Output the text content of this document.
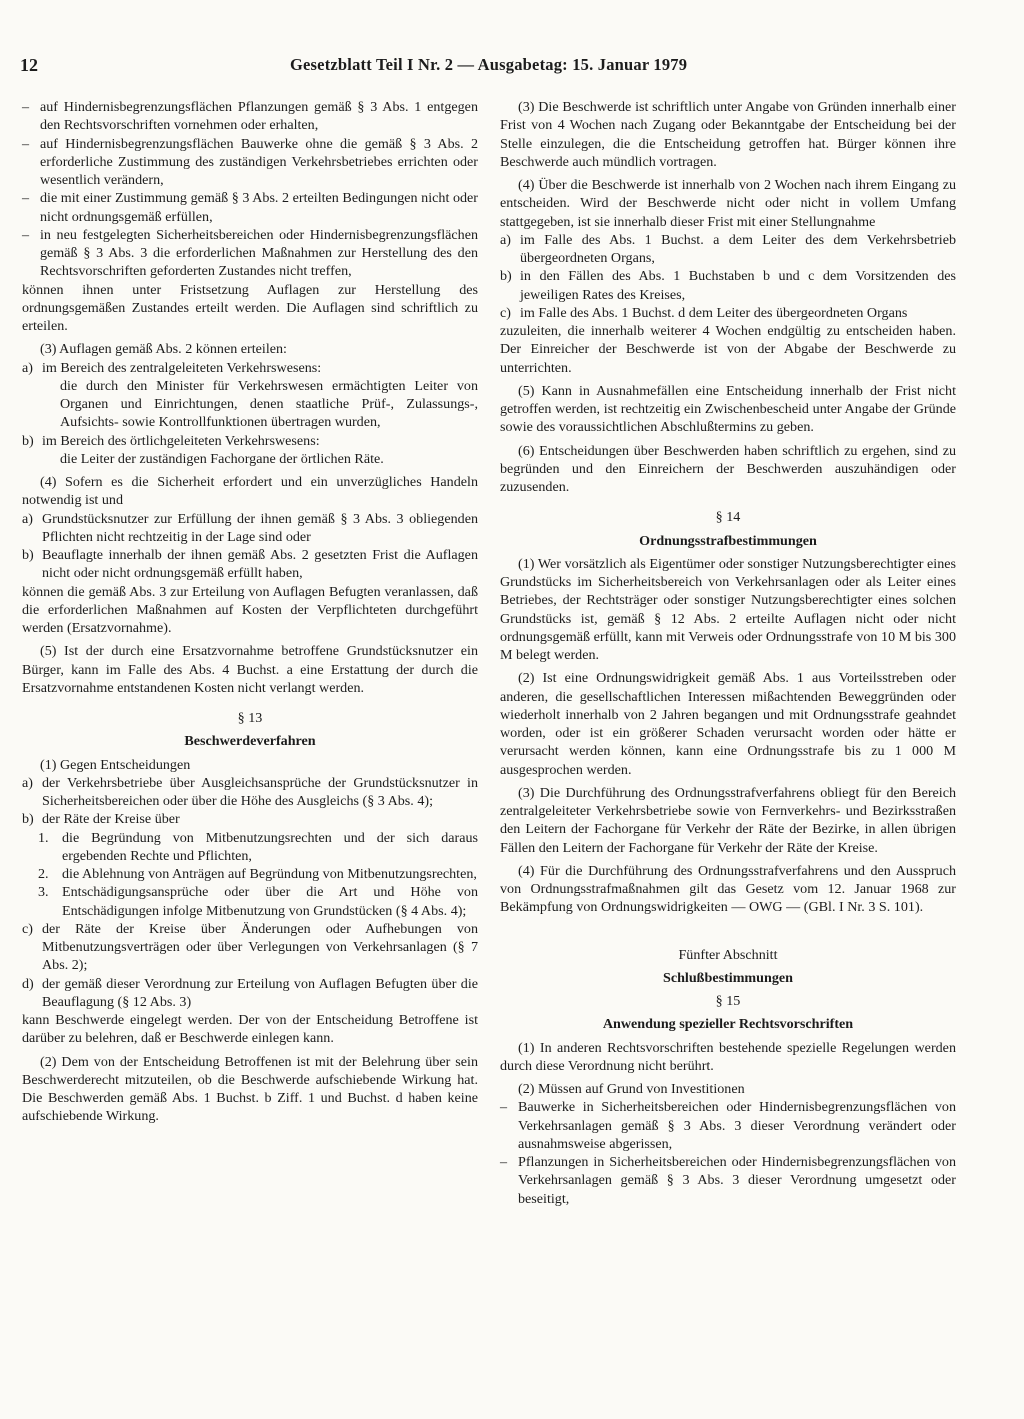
12	Gesetzblatt Teil I Nr. 2 — Ausgabetag: 15. Januar 1979
– auf Hindernisbegrenzungsflächen Pflanzungen gemäß § 3 Abs. 1 entgegen den Rechtsvorschriften vornehmen oder erhalten,
– auf Hindernisbegrenzungsflächen Bauwerke ohne die gemäß § 3 Abs. 2 erforderliche Zustimmung des zuständigen Verkehrsbetriebes errichten oder wesentlich verändern,
– die mit einer Zustimmung gemäß § 3 Abs. 2 erteilten Bedingungen nicht oder nicht ordnungsgemäß erfüllen,
– in neu festgelegten Sicherheitsbereichen oder Hindernisbegrenzungsflächen gemäß § 3 Abs. 3 die erforderlichen Maßnahmen zur Herstellung des den Rechtsvorschriften geforderten Zustandes nicht treffen,

können ihnen unter Fristsetzung Auflagen zur Herstellung des ordnungsgemäßen Zustandes erteilt werden. Die Auflagen sind schriftlich zu erteilen.

(3) Auflagen gemäß Abs. 2 können erteilen:

a) im Bereich des zentralgeleiteten Verkehrswesens:

die durch den Minister für Verkehrswesen ermächtigten Leiter von Organen und Einrichtungen, denen staatliche Prüf-, Zulassungs-, Aufsichts- sowie Kontrollfunktionen übertragen wurden,

b) im Bereich des örtlichgeleiteten Verkehrswesens:

die Leiter der zuständigen Fachorgane der örtlichen Räte.

(4) Sofern es die Sicherheit erfordert und ein unverzügliches Handeln notwendig ist und

a) Grundstücksnutzer zur Erfüllung der ihnen gemäß § 3 Abs. 3 obliegenden Pflichten nicht rechtzeitig in der Lage sind oder
b) Beauflagte innerhalb der ihnen gemäß Abs. 2 gesetzten Frist die Auflagen nicht oder nicht ordnungsgemäß erfüllt haben,

können die gemäß Abs. 3 zur Erteilung von Auflagen Befugten veranlassen, daß die erforderlichen Maßnahmen auf Kosten der Verpflichteten durchgeführt werden (Ersatzvornahme).

(5) Ist der durch eine Ersatzvornahme betroffene Grundstücksnutzer ein Bürger, kann im Falle des Abs. 4 Buchst. a eine Erstattung der durch die Ersatzvornahme entstandenen Kosten nicht verlangt werden.

§ 13

Beschwerdeverfahren

(1) Gegen Entscheidungen

a) der Verkehrsbetriebe über Ausgleichsansprüche der Grundstücksnutzer in Sicherheitsbereichen oder über die Höhe des Ausgleichs (§ 3 Abs. 4);
b) der Räte der Kreise über
1. die Begründung von Mitbenutzungsrechten und der sich daraus ergebenden Rechte und Pflichten,
2. die Ablehnung von Anträgen auf Begründung von Mitbenutzungsrechten,
3. Entschädigungsansprüche oder über die Art und Höhe von Entschädigungen infolge Mitbenutzung von Grundstücken (§ 4 Abs. 4);
c) der Räte der Kreise über Änderungen oder Aufhebungen von Mitbenutzungsverträgen oder über Verlegungen von Verkehrsanlagen (§ 7 Abs. 2);
d) der gemäß dieser Verordnung zur Erteilung von Auflagen Befugten über die Beauflagung (§ 12 Abs. 3)

kann Beschwerde eingelegt werden. Der von der Entscheidung Betroffene ist darüber zu belehren, daß er Beschwerde einlegen kann.

(2) Dem von der Entscheidung Betroffenen ist mit der Belehrung über sein Beschwerderecht mitzuteilen, ob die Beschwerde aufschiebende Wirkung hat. Die Beschwerden gemäß Abs. 1 Buchst. b Ziff. 1 und Buchst. d haben keine aufschiebende Wirkung.

(3) Die Beschwerde ist schriftlich unter Angabe von Gründen innerhalb einer Frist von 4 Wochen nach Zugang oder Bekanntgabe der Entscheidung bei der Stelle einzulegen, die die Entscheidung getroffen hat. Bürger können ihre Beschwerde auch mündlich vortragen.

(4) Über die Beschwerde ist innerhalb von 2 Wochen nach ihrem Eingang zu entscheiden. Wird der Beschwerde nicht oder nicht in vollem Umfang stattgegeben, ist sie innerhalb dieser Frist mit einer Stellungnahme

a) im Falle des Abs. 1 Buchst. a dem Leiter des dem Verkehrsbetrieb übergeordneten Organs,
b) in den Fällen des Abs. 1 Buchstaben b und c dem Vorsitzenden des jeweiligen Rates des Kreises,
c) im Falle des Abs. 1 Buchst. d dem Leiter des übergeordneten Organs

zuzuleiten, die innerhalb weiterer 4 Wochen endgültig zu entscheiden haben. Der Einreicher der Beschwerde ist von der Abgabe der Beschwerde zu unterrichten.

(5) Kann in Ausnahmefällen eine Entscheidung innerhalb der Frist nicht getroffen werden, ist rechtzeitig ein Zwischenbescheid unter Angabe der Gründe sowie des voraussichtlichen Abschlußtermins zu geben.

(6) Entscheidungen über Beschwerden haben schriftlich zu ergehen, sind zu begründen und den Einreichern der Beschwerden auszuhändigen oder zuzusenden.

§ 14

Ordnungsstrafbestimmungen

(1) Wer vorsätzlich als Eigentümer oder sonstiger Nutzungsberechtigter eines Grundstücks im Sicherheitsbereich von Verkehrsanlagen oder als Leiter eines Betriebes, der Rechtsträger oder sonstiger Nutzungsberechtigter eines solchen Grundstücks ist, gemäß § 12 Abs. 2 erteilte Auflagen nicht oder nicht ordnungsgemäß erfüllt, kann mit Verweis oder Ordnungsstrafe von 10 M bis 300 M belegt werden.

(2) Ist eine Ordnungswidrigkeit gemäß Abs. 1 aus Vorteilsstreben oder anderen, die gesellschaftlichen Interessen mißachtenden Beweggründen oder wiederholt innerhalb von 2 Jahren begangen und mit Ordnungsstrafe geahndet worden, oder ist ein größerer Schaden verursacht worden oder hätte er verursacht werden können, kann eine Ordnungsstrafe bis zu 1 000 M ausgesprochen werden.

(3) Die Durchführung des Ordnungsstrafverfahrens obliegt für den Bereich zentralgeleiteter Verkehrsbetriebe sowie von Fernverkehrs- und Bezirksstraßen den Leitern der Fachorgane für Verkehr der Räte der Bezirke, in allen übrigen Fällen den Leitern der Fachorgane für Verkehr der Räte der Kreise.

(4) Für die Durchführung des Ordnungsstrafverfahrens und den Ausspruch von Ordnungsstrafmaßnahmen gilt das Gesetz vom 12. Januar 1968 zur Bekämpfung von Ordnungswidrigkeiten — OWG — (GBl. I Nr. 3 S. 101).

Fünfter Abschnitt

Schlußbestimmungen

§ 15

Anwendung spezieller Rechtsvorschriften

(1) In anderen Rechtsvorschriften bestehende spezielle Regelungen werden durch diese Verordnung nicht berührt.

(2) Müssen auf Grund von Investitionen

– Bauwerke in Sicherheitsbereichen oder Hindernisbegrenzungsflächen von Verkehrsanlagen gemäß § 3 Abs. 3 dieser Verordnung verändert oder ausnahmsweise abgerissen,
– Pflanzungen in Sicherheitsbereichen oder Hindernisbegrenzungsflächen von Verkehrsanlagen gemäß § 3 Abs. 3 dieser Verordnung umgesetzt oder beseitigt,
